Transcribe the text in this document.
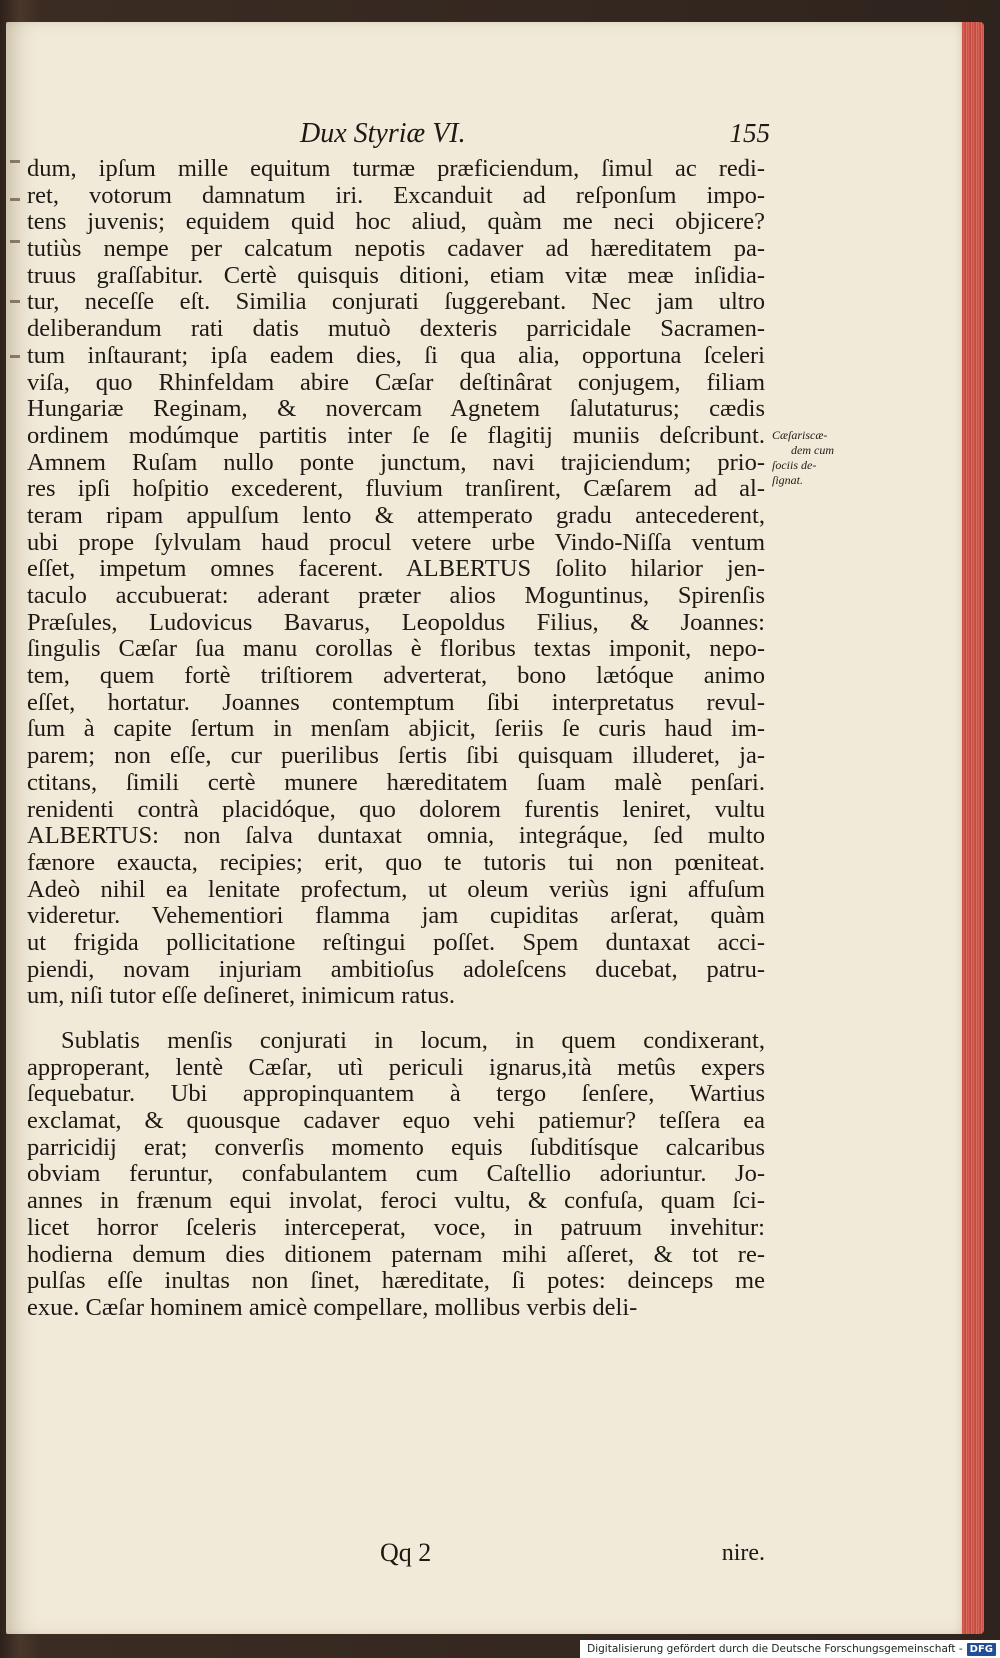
Dux Styriæ VI.	155
dum, ipſum mille equitum turmæ præficiendum, ſimul ac redi-
ret, votorum damnatum iri. Excanduit ad reſponſum impo-
tens juvenis; equidem quid hoc aliud, quàm me neci objicere?
tutiùs nempe per calcatum nepotis cadaver ad hæreditatem pa-
truus graſſabitur. Certè quisquis ditioni, etiam vitæ meæ inſidia-
tur, neceſſe eſt. Similia conjurati ſuggerebant. Nec jam ultro
deliberandum rati datis mutuò dexteris parricidale Sacramen-
tum inſtaurant; ipſa eadem dies, ſi qua alia, opportuna ſceleri
viſa, quo Rhinfeldam abire Cæſar deſtinârat conjugem, filiam
Hungariæ Reginam, & novercam Agnetem ſalutaturus; cædis
ordinem modúmque partitis inter ſe ſe flagitij muniis deſcribunt.
Amnem Ruſam nullo ponte junctum, navi trajiciendum; prio-
res ipſi hoſpitio excederent, fluvium tranſirent, Cæſarem ad al-
teram ripam appulſum lento & attemperato gradu antecederent,
ubi prope ſylvulam haud procul vetere urbe Vindo-Niſſa ventum
eſſet, impetum omnes facerent. ALBERTUS ſolito hilarior jen-
taculo accubuerat: aderant præter alios Moguntinus, Spirenſis
Præſules, Ludovicus Bavarus, Leopoldus Filius, & Joannes:
ſingulis Cæſar ſua manu corollas è floribus textas imponit, nepo-
tem, quem fortè triſtiorem adverterat, bono lætóque animo
eſſet, hortatur. Joannes contemptum ſibi interpretatus revul-
ſum à capite ſertum in menſam abjicit, ſeriis ſe curis haud im-
parem; non eſſe, cur puerilibus ſertis ſibi quisquam illuderet, ja-
ctitans, ſimili certè munere hæreditatem ſuam malè penſari.
renidenti contrà placidóque, quo dolorem furentis leniret, vultu
ALBERTUS: non ſalva duntaxat omnia, integráque, ſed multo
fænore exaucta, recipies; erit, quo te tutoris tui non pœniteat.
Adeò nihil ea lenitate profectum, ut oleum veriùs igni affuſum
videretur. Vehementiori flamma jam cupiditas arſerat, quàm
ut frigida pollicitatione reſtingui poſſet. Spem duntaxat acci-
piendi, novam injuriam ambitioſus adoleſcens ducebat, patru-
um, niſi tutor eſſe deſineret, inimicum ratus.
Sublatis menſis conjurati in locum, in quem condixerant,
approperant, lentè Cæſar, utì periculi ignarus,ità metûs expers
ſequebatur. Ubi appropinquantem à tergo ſenſere, Wartius
exclamat, & quousque cadaver equo vehi patiemur? teſſera ea
parricidij erat; converſis momento equis ſubditísque calcaribus
obviam feruntur, confabulantem cum Caſtellio adoriuntur. Jo-
annes in frænum equi involat, feroci vultu, & confuſa, quam ſci-
licet horror ſceleris interceperat, voce, in patruum invehitur:
hodierna demum dies ditionem paternam mihi aſſeret, & tot re-
pulſas eſſe inultas non ſinet, hæreditate, ſi potes: deinceps me
exue. Cæſar hominem amicè compellare, mollibus verbis deli-
Cæſariscæ-
dem cum
ſociis de-
ſignat.
Qq 2	nire.
Digitalisierung gefördert durch die Deutsche Forschungsgemeinschaft - DFG
